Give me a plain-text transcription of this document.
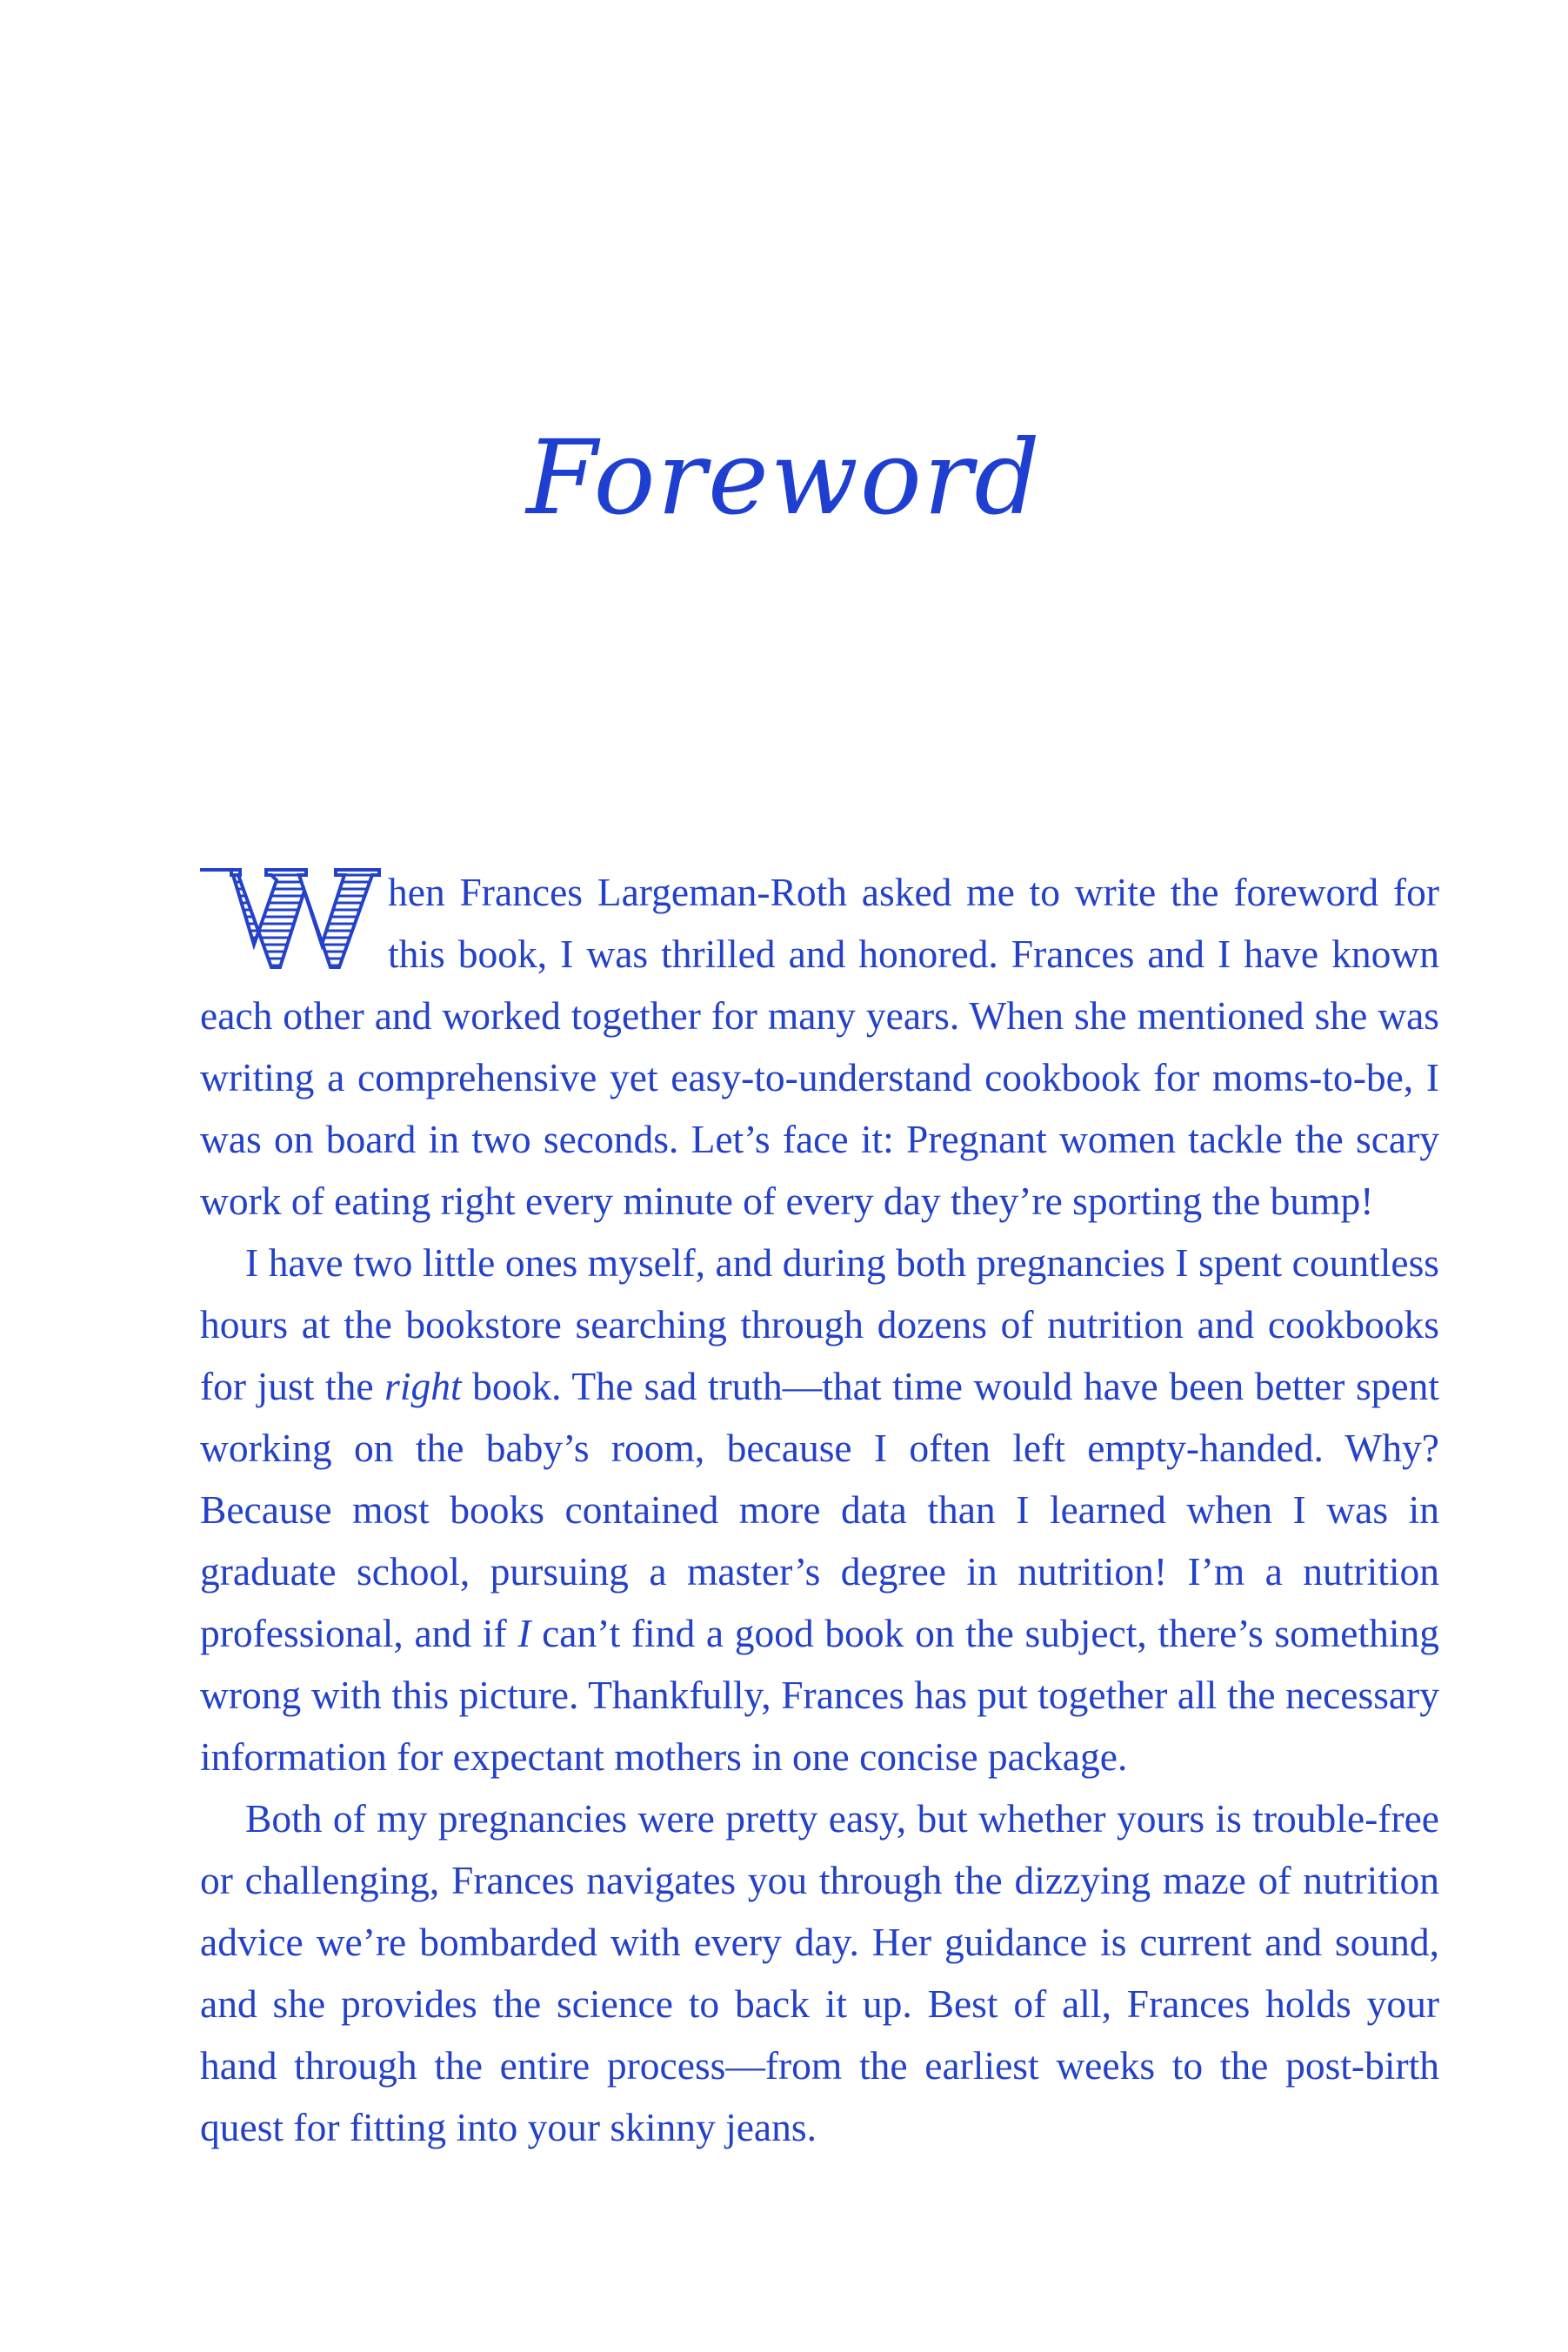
Foreword

hen Frances Largeman-Roth asked me to write the foreword for this book, I was thrilled and honored. Frances and I have known each other and worked together for many years. When she mentioned she was writing a comprehensive yet easy-to-understand cookbook for moms-to-be, I was on board in two seconds. Let’s face it: Pregnant women tackle the scary work of eating right every minute of every day they’re sporting the bump!

I have two little ones myself, and during both pregnancies I spent countless hours at the bookstore searching through dozens of nutrition and cookbooks for just the right book. The sad truth—that time would have been better spent working on the baby’s room, because I often left empty-handed. Why? Because most books contained more data than I learned when I was in graduate school, pursuing a master’s degree in nutrition! I’m a nutrition professional, and if I can’t find a good book on the subject, there’s something wrong with this picture. Thankfully, Frances has put together all the necessary information for expectant mothers in one concise package.

Both of my pregnancies were pretty easy, but whether yours is trouble-free or challenging, Frances navigates you through the dizzying maze of nutrition advice we’re bombarded with every day. Her guidance is current and sound, and she provides the science to back it up. Best of all, Frances holds your hand through the entire process—from the earliest weeks to the post-birth quest for fitting into your skinny jeans.
